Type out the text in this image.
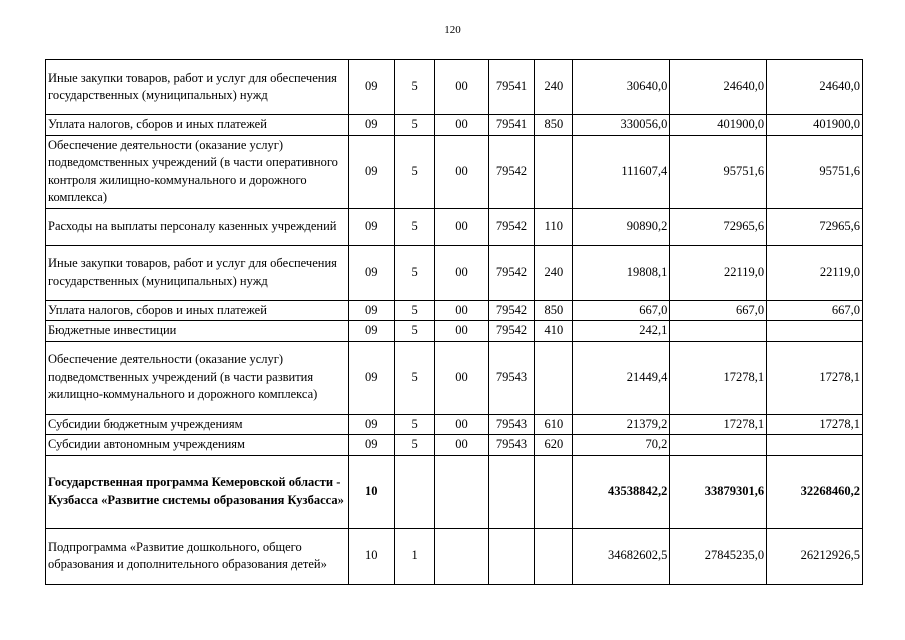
120
Иные закупки товаров, работ и услуг для обеспечения государственных (муниципальных) нужд	09	5	00	79541	240	30640,0	24640,0	24640,0
Уплата налогов, сборов и иных платежей	09	5	00	79541	850	330056,0	401900,0	401900,0
Обеспечение деятельности (оказание услуг) подведомственных учреждений (в части оперативного контроля жилищно-коммунального и дорожного комплекса)	09	5	00	79542		111607,4	95751,6	95751,6
Расходы на выплаты персоналу казенных учреждений	09	5	00	79542	110	90890,2	72965,6	72965,6
Иные закупки товаров, работ и услуг для обеспечения государственных (муниципальных) нужд	09	5	00	79542	240	19808,1	22119,0	22119,0
Уплата налогов, сборов и иных платежей	09	5	00	79542	850	667,0	667,0	667,0
Бюджетные инвестиции	09	5	00	79542	410	242,1		
Обеспечение деятельности (оказание услуг) подведомственных учреждений (в части развития жилищно-коммунального и дорожного комплекса)	09	5	00	79543		21449,4	17278,1	17278,1
Субсидии бюджетным учреждениям	09	5	00	79543	610	21379,2	17278,1	17278,1
Субсидии автономным учреждениям	09	5	00	79543	620	70,2		
Государственная программа Кемеровской области - Кузбасса «Развитие системы образования Кузбасса»	10					43538842,2	33879301,6	32268460,2
Подпрограмма «Развитие дошкольного, общего образования и дополнительного образования детей»	10	1				34682602,5	27845235,0	26212926,5
